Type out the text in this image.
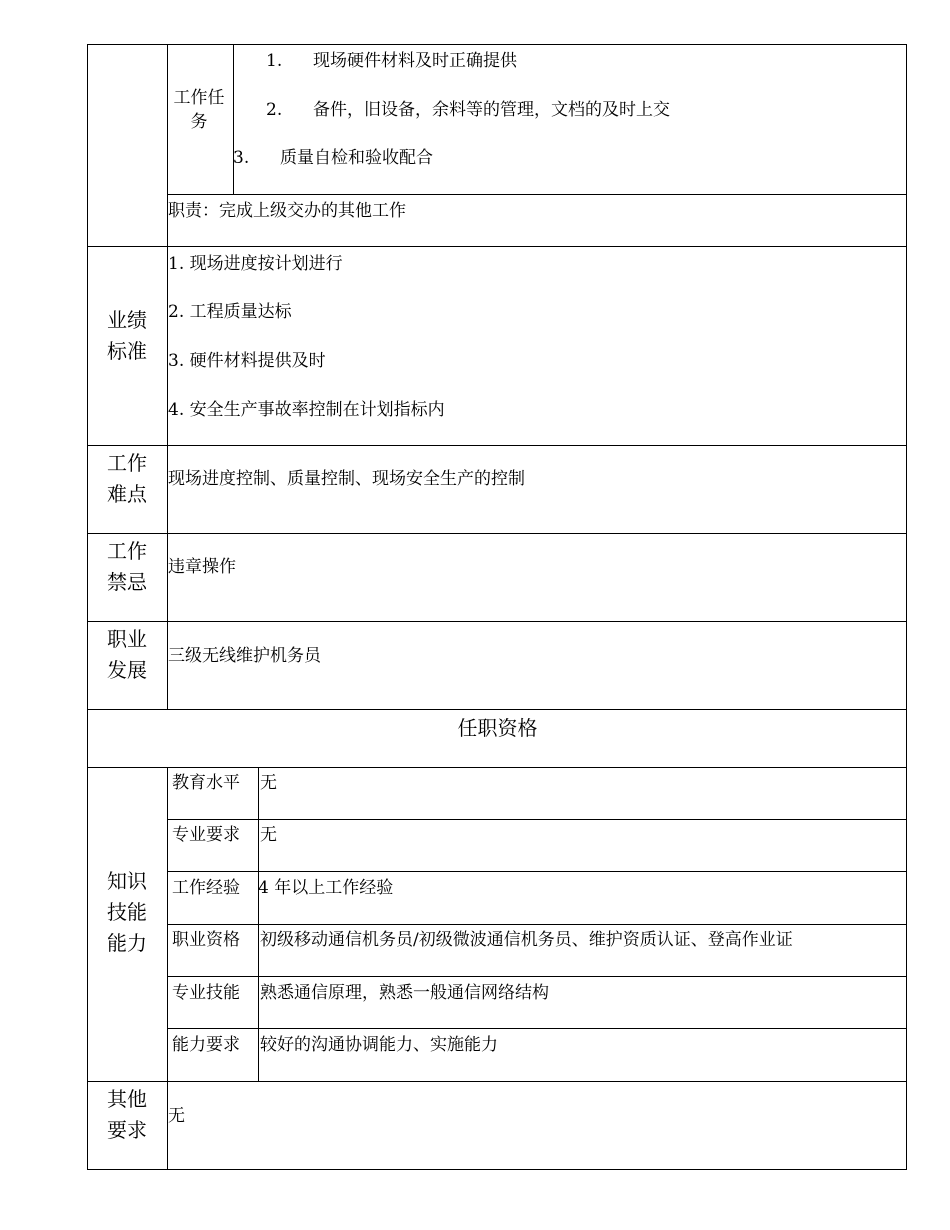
工作任务
1. 现场硬件材料及时正确提供
2. 备件，旧设备，余料等的管理，文档的及时上交
3. 质量自检和验收配合
职责：完成上级交办的其他工作
业绩标准
1. 现场进度按计划进行
2. 工程质量达标
3. 硬件材料提供及时
4. 安全生产事故率控制在计划指标内
工作难点
现场进度控制、质量控制、现场安全生产的控制
工作禁忌
违章操作
职业发展
三级无线维护机务员
任职资格
知识技能能力
教育水平 无
专业要求 无
工作经验 4 年以上工作经验
职业资格 初级移动通信机务员/初级微波通信机务员、维护资质认证、登高作业证
专业技能 熟悉通信原理，熟悉一般通信网络结构
能力要求 较好的沟通协调能力、实施能力
其他要求
无
